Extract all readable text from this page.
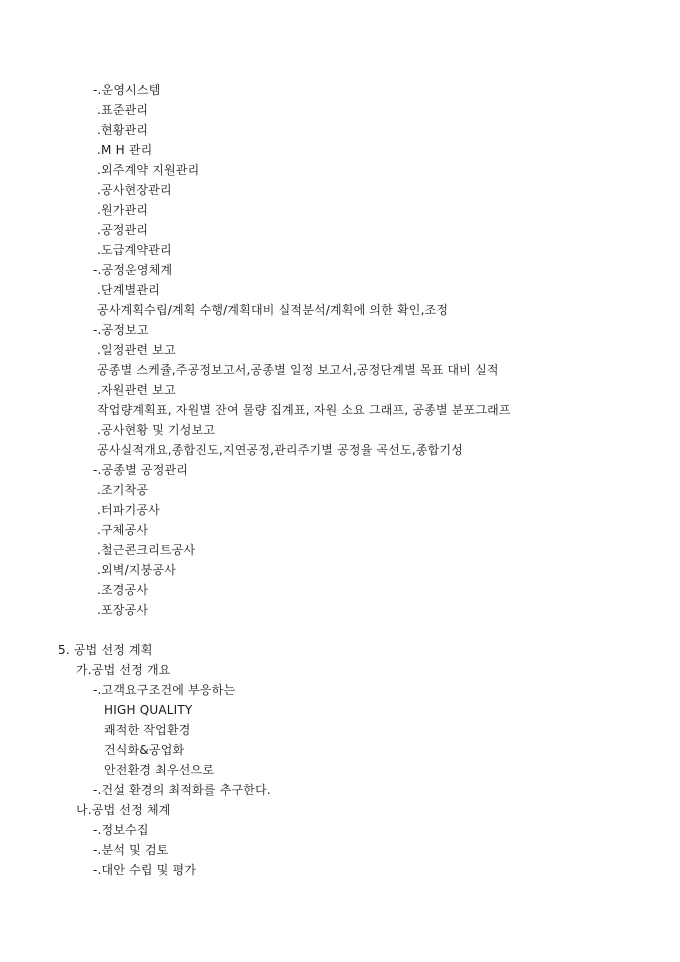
-.운영시스템
.표준관리
.현황관리
.M H 관리
.외주계약 지원관리
.공사현장관리
.원가관리
.공정관리
.도급계약관리
-.공정운영체계
.단계별관리
공사계획수립/계획 수행/계획대비 실적분석/계획에 의한 확인,조정
-.공정보고
.일정관련 보고
공종별 스케쥴,주공정보고서,공종별 일정 보고서,공정단계별 목표 대비 실적
.자원관련 보고
작업량계획표, 자원별 잔여 물량 집계표, 자원 소요 그래프, 공종별 분포그래프
.공사현황 및 기성보고
공사실적개요,종합진도,지연공정,관리주기별 공정율 곡선도,종합기성
-.공종별 공정관리
.조기착공
.터파기공사
.구체공사
.철근콘크리트공사
.외벽/지붕공사
.조경공사
.포장공사
5. 공법 선정 계획
가.공법 선정 개요
-.고객요구조건에 부응하는
HIGH QUALITY
쾌적한 작업환경
건식화&공업화
안전환경 최우선으로
-.건설 환경의 최적화를 추구한다.
나.공법 선정 체계
-.정보수집
-.분석 및 검토
-.대안 수립 및 평가
